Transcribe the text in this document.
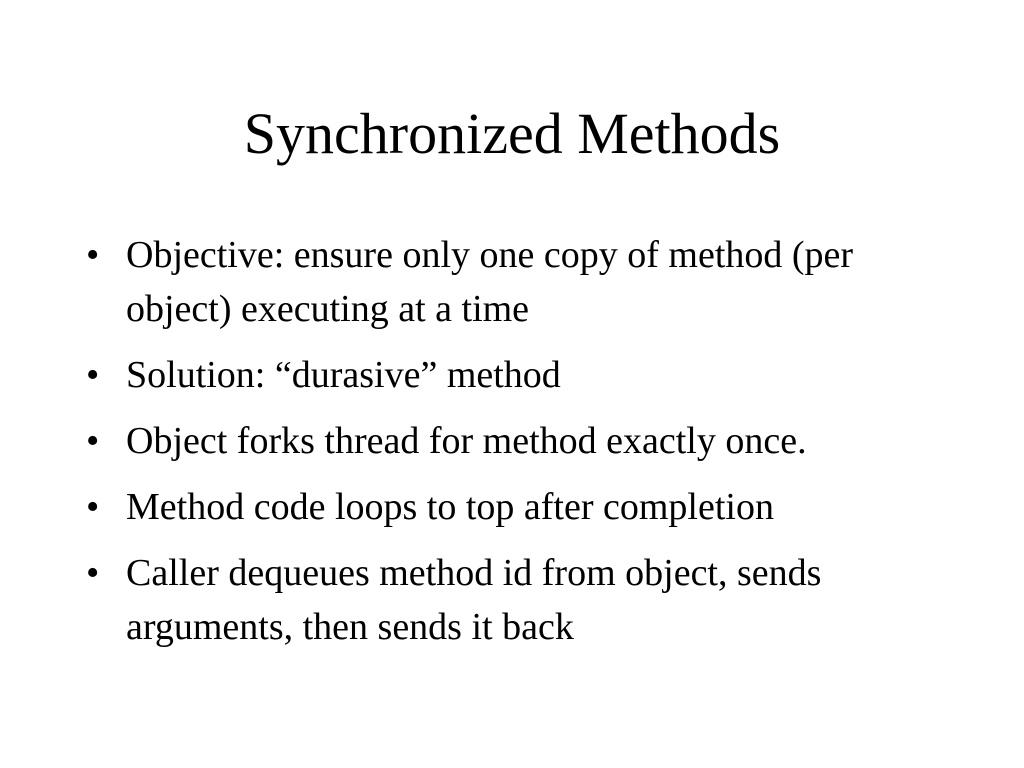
Synchronized Methods
• Objective: ensure only one copy of method (per object) executing at a time
• Solution: “durasive” method
• Object forks thread for method exactly once.
• Method code loops to top after completion
• Caller dequeues method id from object, sends arguments, then sends it back
